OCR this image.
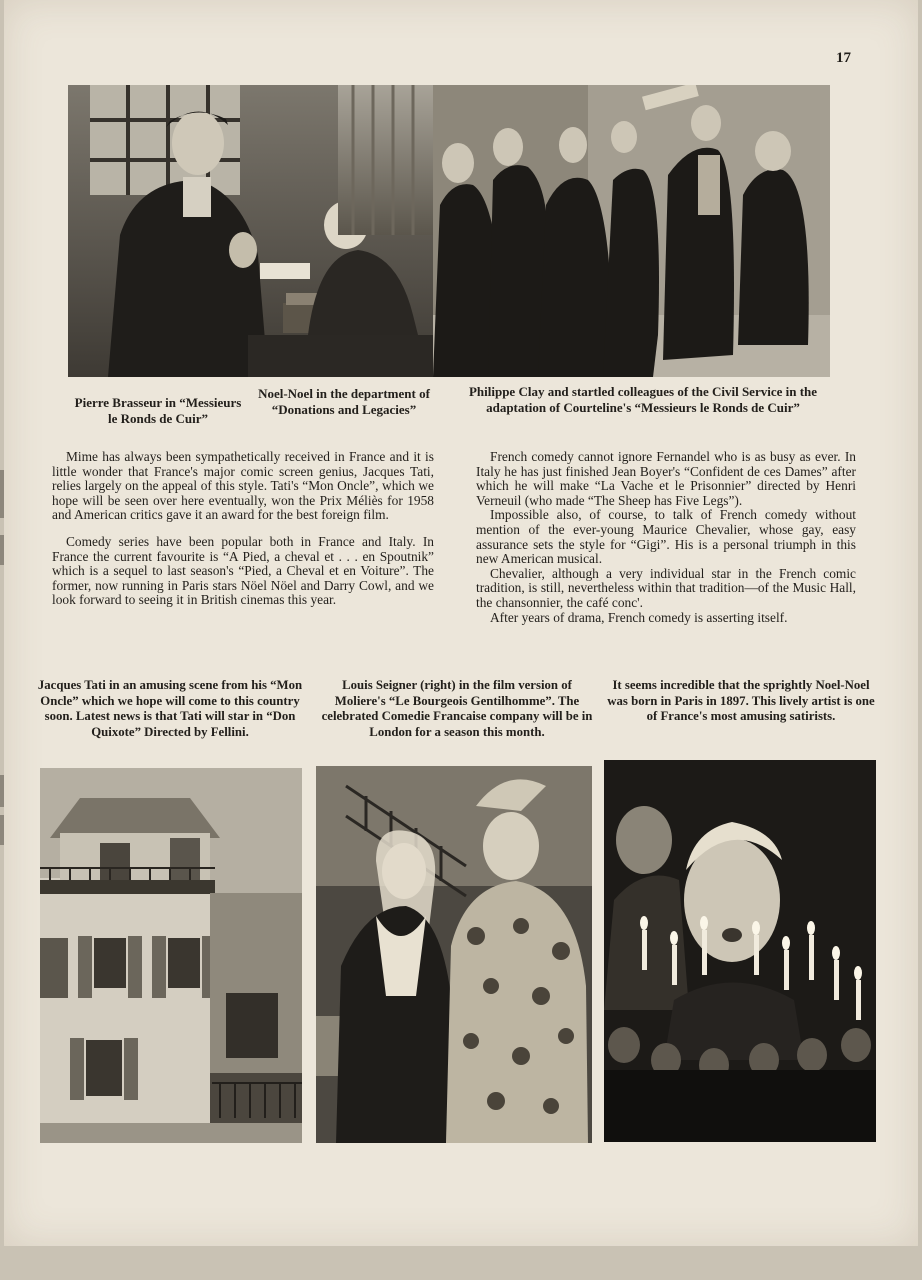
17
Pierre Brasseur in “Messieurs le Ronds de Cuir”
Noel-Noel in the department of “Donations and Legacies”
Philippe Clay and startled colleagues of the Civil Service in the adaptation of Courteline's “Messieurs le Ronds de Cuir”

Mime has always been sympathetically received in France and it is little wonder that France's major comic screen genius, Jacques Tati, relies largely on the appeal of this style. Tati's “Mon Oncle”, which we hope will be seen over here eventually, won the Prix Méliès for 1958 and American critics gave it an award for the best foreign film.

Comedy series have been popular both in France and Italy. In France the current favourite is “A Pied, a cheval et . . . en Spoutnik” which is a sequel to last season's “Pied, a Cheval et en Voiture”. The former, now running in Paris stars Nöel Nöel and Darry Cowl, and we look forward to seeing it in British cinemas this year.

French comedy cannot ignore Fernandel who is as busy as ever. In Italy he has just finished Jean Boyer's “Confident de ces Dames” after which he will make “La Vache et le Prisonnier” directed by Henri Verneuil (who made “The Sheep has Five Legs”).

Impossible also, of course, to talk of French comedy without mention of the ever-young Maurice Chevalier, whose gay, easy assurance sets the style for “Gigi”. His is a personal triumph in this new American musical.

Chevalier, although a very individual star in the French comic tradition, is still, nevertheless within that tradition—of the Music Hall, the chansonnier, the café conc'.

After years of drama, French comedy is asserting itself.

Jacques Tati in an amusing scene from his “Mon Oncle” which we hope will come to this country soon. Latest news is that Tati will star in “Don Quixote” Directed by Fellini.
Louis Seigner (right) in the film version of Moliere's “Le Bourgeois Gentilhomme”. The celebrated Comedie Francaise company will be in London for a season this month.
It seems incredible that the sprightly Noel-Noel was born in Paris in 1897. This lively artist is one of France's most amusing satirists.
